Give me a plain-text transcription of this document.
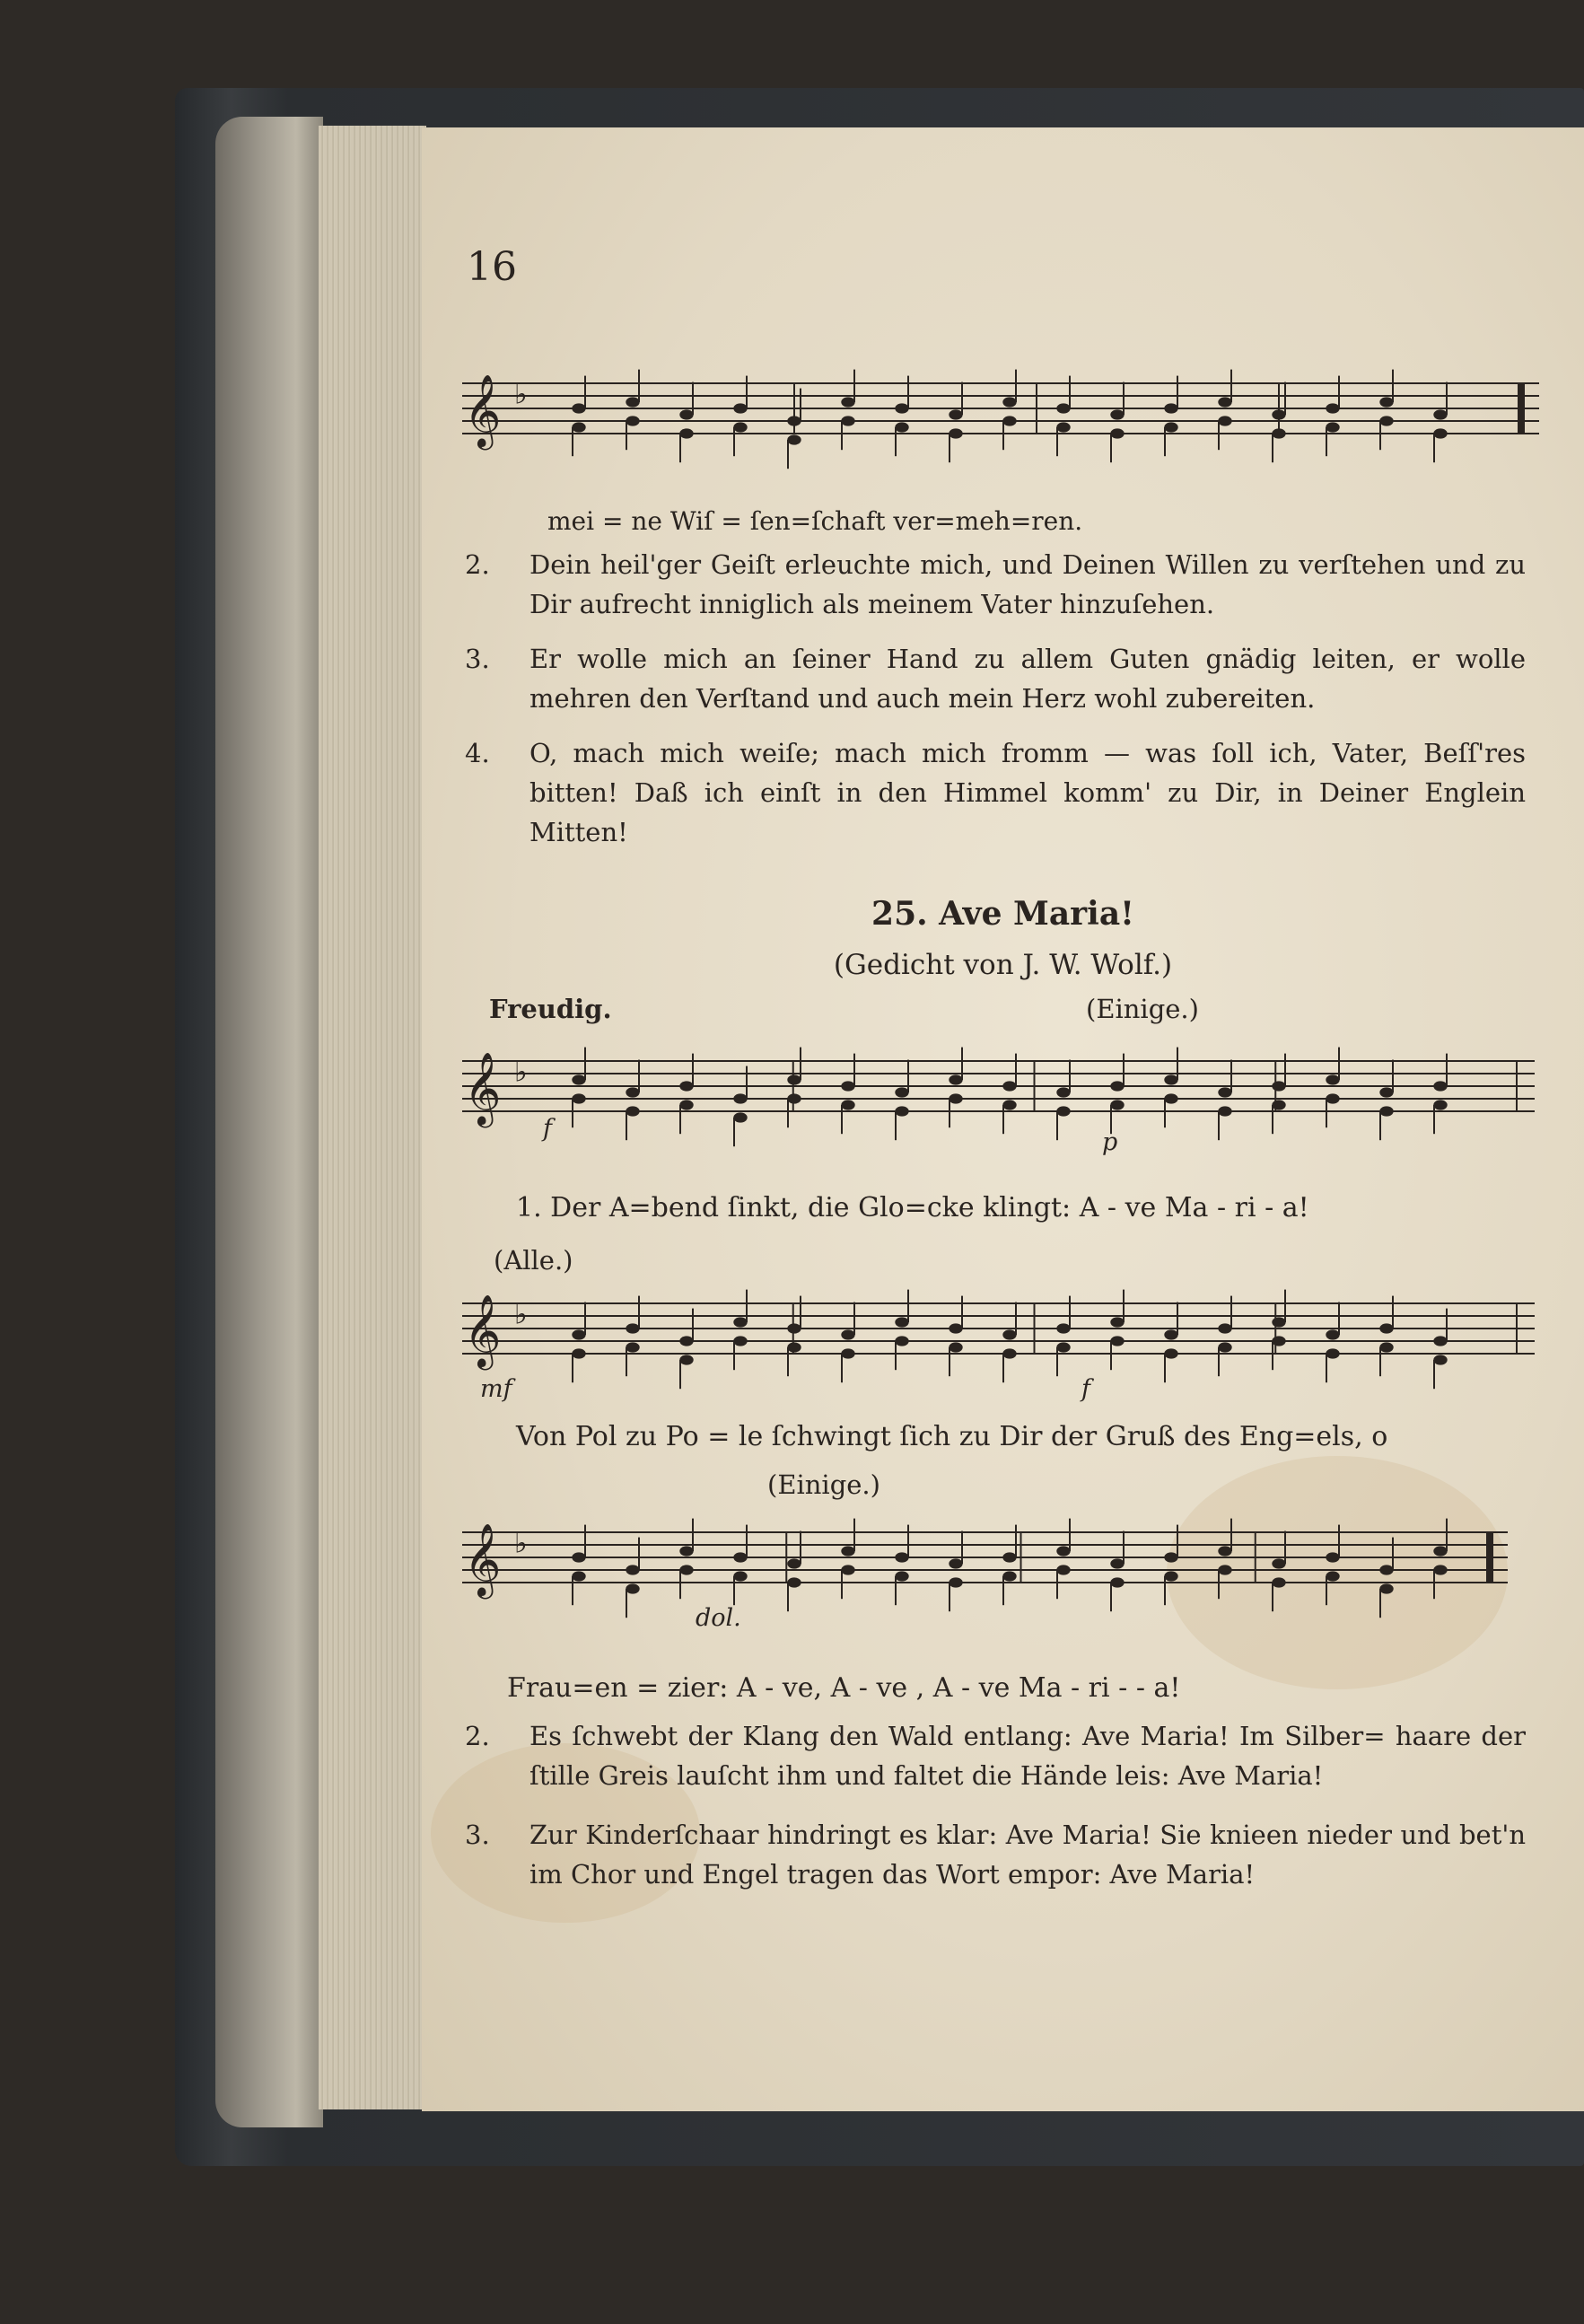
16
𝄞 ♭
mei = ne Wiſ = ſen=ſchaft ver=meh=ren.
2.	Dein heil'ger Geiſt erleuchte mich, und Deinen Willen zu verſtehen und zu Dir aufrecht inniglich als meinem Vater hinzuſehen.
3.	Er wolle mich an ſeiner Hand zu allem Guten gnädig leiten, er wolle mehren den Verſtand und auch mein Herz wohl zubereiten.
4.	O, mach mich weiſe; mach mich fromm — was ſoll ich, Vater, Beſſ'res bitten! Daß ich einſt in den Himmel komm' zu Dir, in Deiner Englein Mitten!
25. Ave Maria!
(Gedicht von J. W. Wolf.)
Freudig.	(Einige.)
𝄞 ♭
f	p
1. Der A=bend ſinkt, die Glo=cke klingt: A - ve Ma - ri - a!
(Alle.)
𝄞 ♭
mf	f
Von Pol zu Po = le ſchwingt ſich zu Dir der Gruß des Eng=els, o
(Einige.)
𝄞 ♭
dol.
Frau=en = zier: A - ve, A - ve , A - ve Ma - ri - - a!
2.	Es ſchwebt der Klang den Wald entlang: Ave Maria! Im Silber= haare der ſtille Greis lauſcht ihm und faltet die Hände leis: Ave Maria!
3.	Zur Kinderſchaar hindringt es klar: Ave Maria! Sie knieen nieder und bet'n im Chor und Engel tragen das Wort empor: Ave Maria!
